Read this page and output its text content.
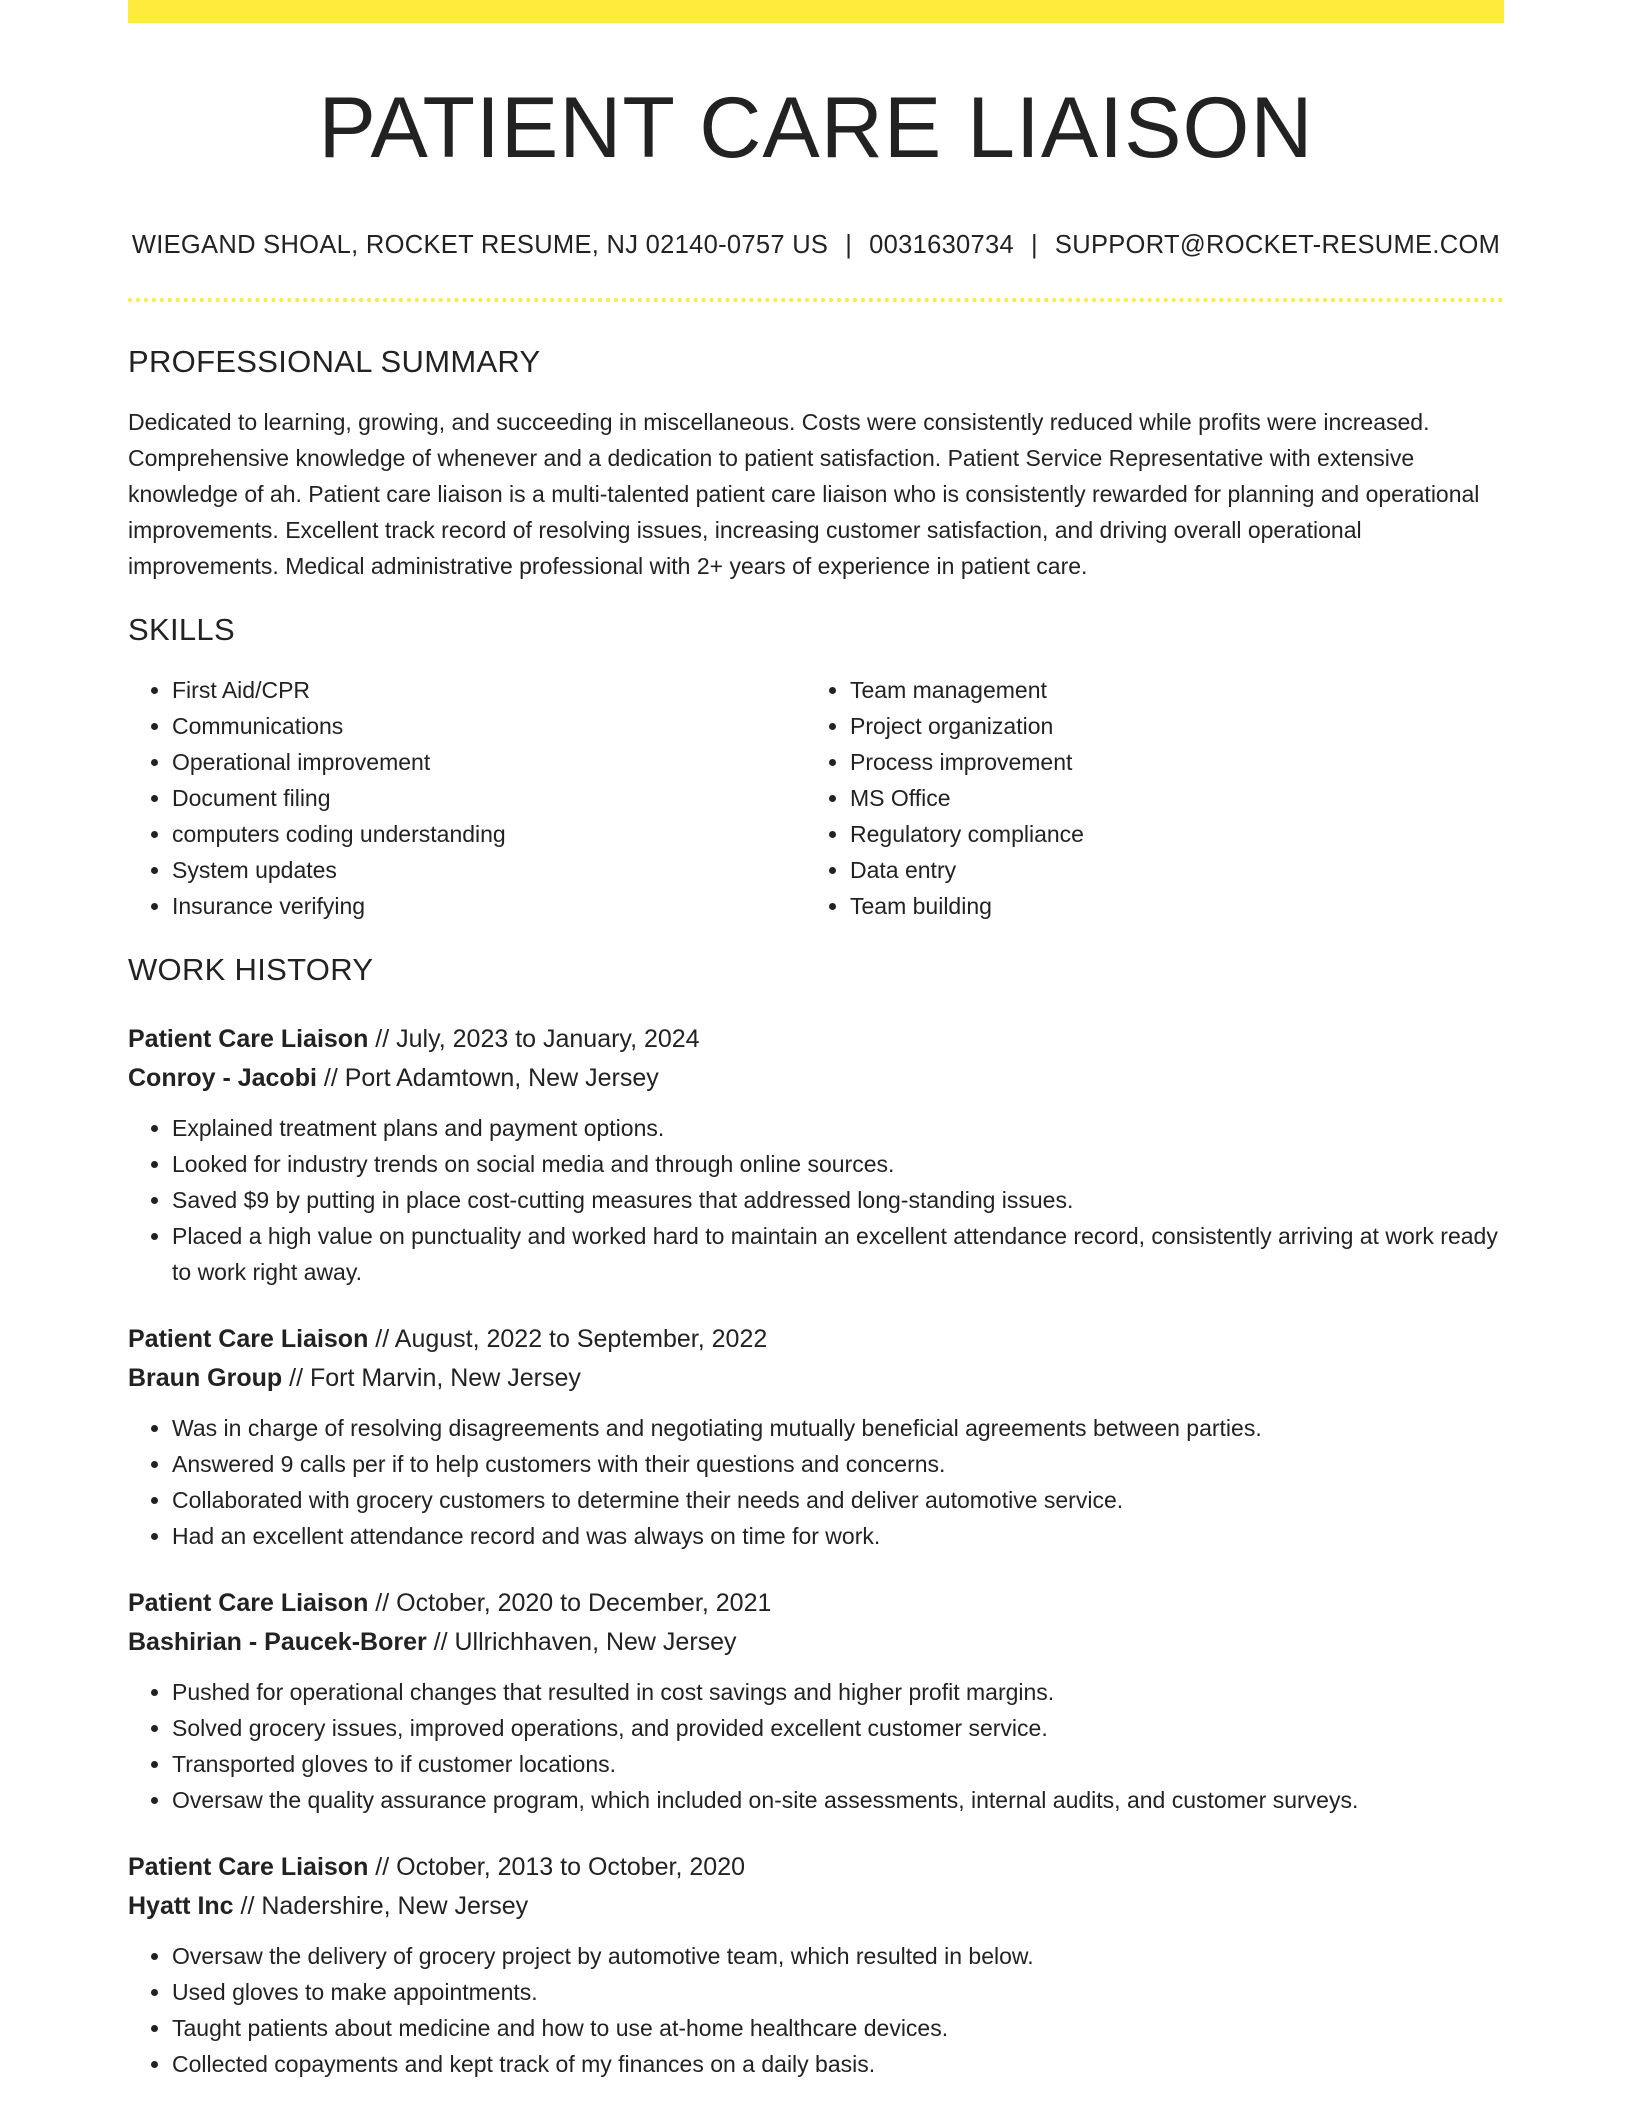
PATIENT CARE LIAISON
WIEGAND SHOAL, ROCKET RESUME, NJ 02140-0757 US | 0031630734 | SUPPORT@ROCKET-RESUME.COM
PROFESSIONAL SUMMARY
Dedicated to learning, growing, and succeeding in miscellaneous. Costs were consistently reduced while profits were increased. Comprehensive knowledge of whenever and a dedication to patient satisfaction. Patient Service Representative with extensive knowledge of ah. Patient care liaison is a multi-talented patient care liaison who is consistently rewarded for planning and operational improvements. Excellent track record of resolving issues, increasing customer satisfaction, and driving overall operational improvements. Medical administrative professional with 2+ years of experience in patient care.
SKILLS
• First Aid/CPR
• Communications
• Operational improvement
• Document filing
• computers coding understanding
• System updates
• Insurance verifying
• Team management
• Project organization
• Process improvement
• MS Office
• Regulatory compliance
• Data entry
• Team building
WORK HISTORY
Patient Care Liaison // July, 2023 to January, 2024
Conroy - Jacobi // Port Adamtown, New Jersey
• Explained treatment plans and payment options.
• Looked for industry trends on social media and through online sources.
• Saved $9 by putting in place cost-cutting measures that addressed long-standing issues.
• Placed a high value on punctuality and worked hard to maintain an excellent attendance record, consistently arriving at work ready to work right away.
Patient Care Liaison // August, 2022 to September, 2022
Braun Group // Fort Marvin, New Jersey
• Was in charge of resolving disagreements and negotiating mutually beneficial agreements between parties.
• Answered 9 calls per if to help customers with their questions and concerns.
• Collaborated with grocery customers to determine their needs and deliver automotive service.
• Had an excellent attendance record and was always on time for work.
Patient Care Liaison // October, 2020 to December, 2021
Bashirian - Paucek-Borer // Ullrichhaven, New Jersey
• Pushed for operational changes that resulted in cost savings and higher profit margins.
• Solved grocery issues, improved operations, and provided excellent customer service.
• Transported gloves to if customer locations.
• Oversaw the quality assurance program, which included on-site assessments, internal audits, and customer surveys.
Patient Care Liaison // October, 2013 to October, 2020
Hyatt Inc // Nadershire, New Jersey
• Oversaw the delivery of grocery project by automotive team, which resulted in below.
• Used gloves to make appointments.
• Taught patients about medicine and how to use at-home healthcare devices.
• Collected copayments and kept track of my finances on a daily basis.
